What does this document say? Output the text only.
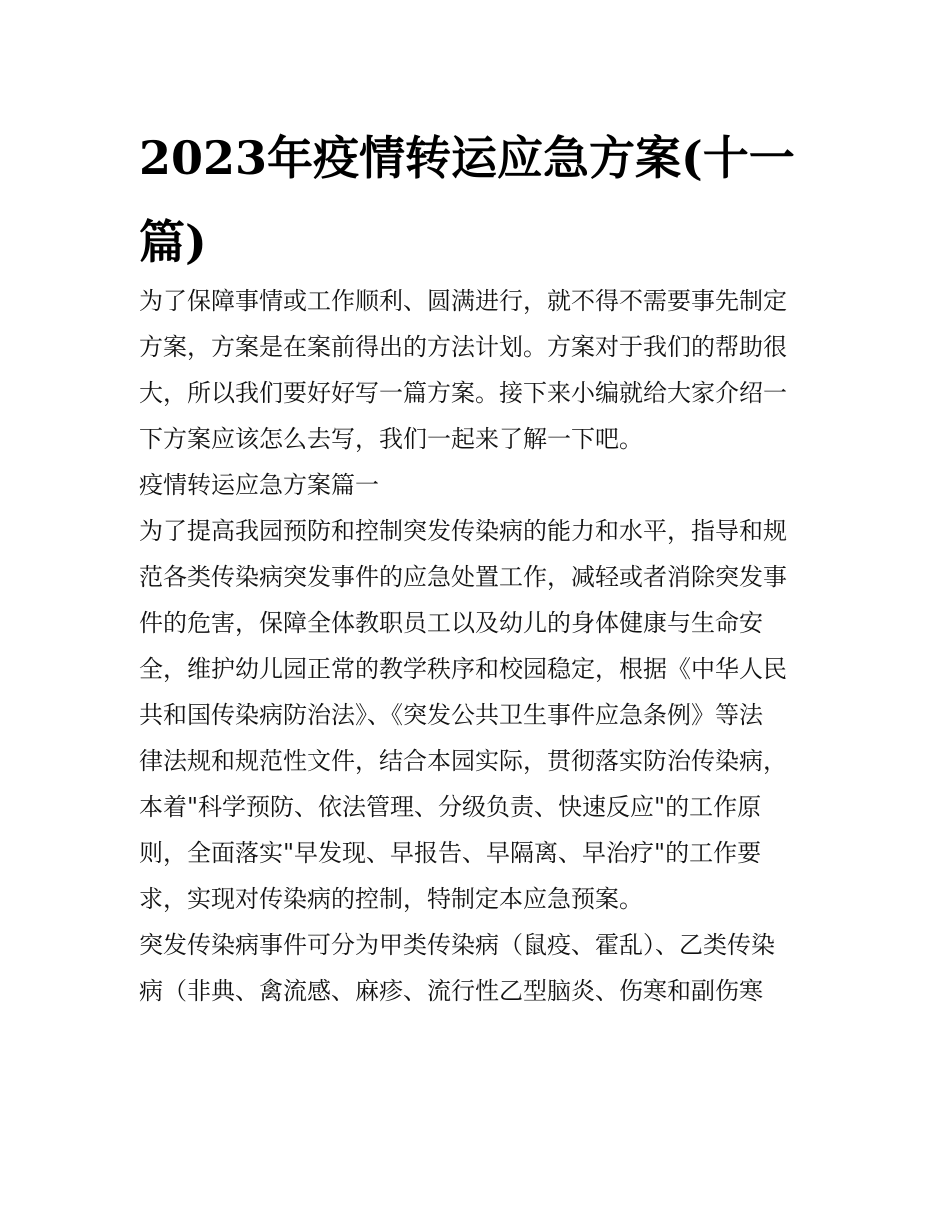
2023年疫情转运应急方案(十一篇)

为了保障事情或工作顺利、圆满进行，就不得不需要事先制定

方案，方案是在案前得出的方法计划。方案对于我们的帮助很

大，所以我们要好好写一篇方案。接下来小编就给大家介绍一

下方案应该怎么去写，我们一起来了解一下吧。

疫情转运应急方案篇一

为了提高我园预防和控制突发传染病的能力和水平，指导和规

范各类传染病突发事件的应急处置工作，减轻或者消除突发事

件的危害，保障全体教职员工以及幼儿的身体健康与生命安

全，维护幼儿园正常的教学秩序和校园稳定，根据《中华人民

共和国传染病防治法》、《突发公共卫生事件应急条例》等法

律法规和规范性文件，结合本园实际，贯彻落实防治传染病，

本着"科学预防、依法管理、分级负责、快速反应"的工作原

则，全面落实"早发现、早报告、早隔离、早治疗"的工作要

求，实现对传染病的控制，特制定本应急预案。

突发传染病事件可分为甲类传染病（鼠疫、霍乱）、乙类传染

病（非典、禽流感、麻疹、流行性乙型脑炎、伤寒和副伤寒
